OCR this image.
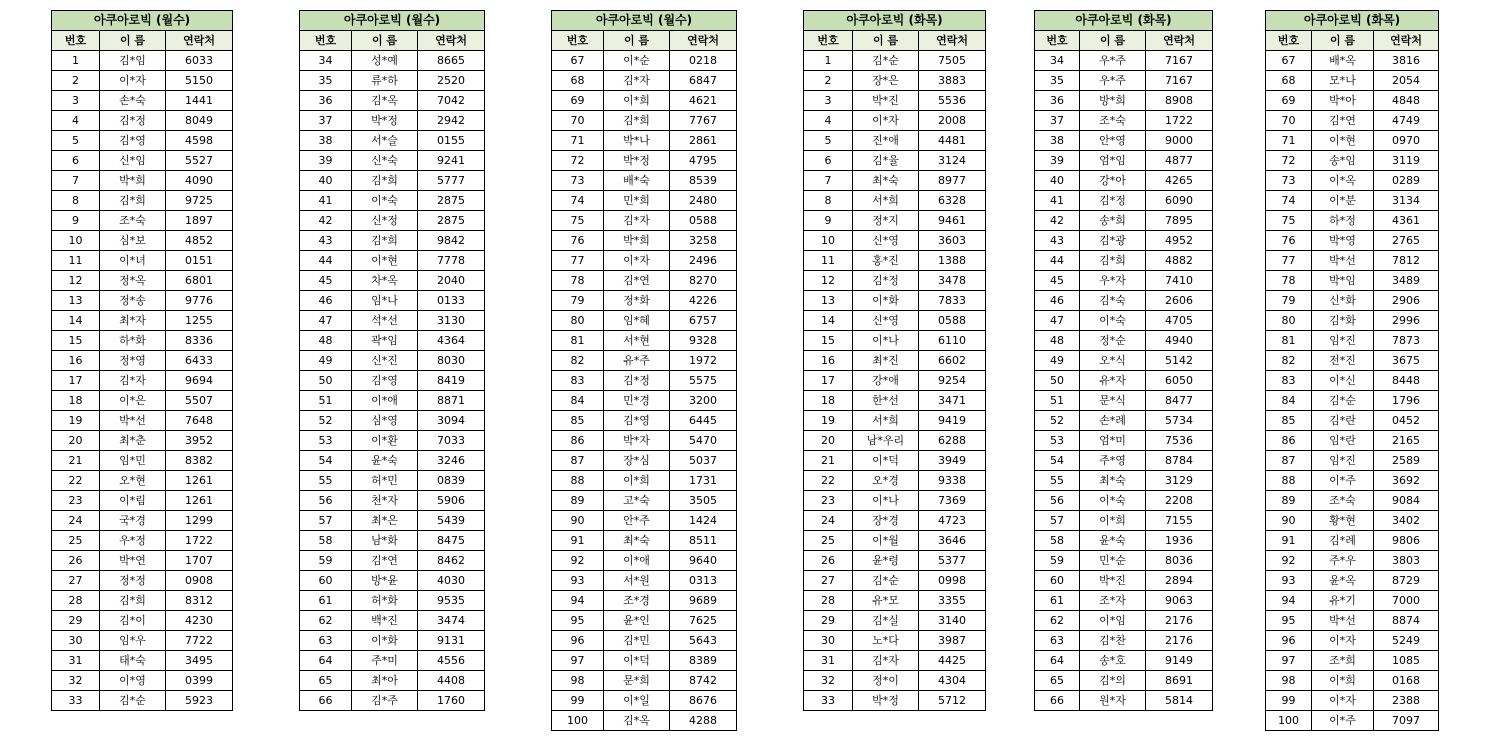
아쿠아로빅 (월수)		
번호	이 름	연락처
1	김*임	6033
2	이*자	5150
3	손*숙	1441
4	김*정	8049
5	김*영	4598
6	신*임	5527
7	박*희	4090
8	김*희	9725
9	조*숙	1897
10	심*보	4852
11	이*녀	0151
12	정*옥	6801
13	정*송	9776
14	최*자	1255
15	하*화	8336
16	정*영	6433
17	김*자	9694
18	이*은	5507
19	박*선	7648
20	최*춘	3952
21	임*민	8382
22	오*현	1261
23	이*림	1261
24	국*경	1299
25	우*정	1722
26	박*연	1707
27	정*정	0908
28	김*희	8312
29	김*이	4230
30	임*우	7722
31	태*숙	3495
32	이*영	0399
33	김*순	5923
아쿠아로빅 (월수)		
번호	이 름	연락처
34	성*예	8665
35	류*하	2520
36	김*옥	7042
37	박*정	2942
38	서*슬	0155
39	신*숙	9241
40	김*희	5777
41	이*숙	2875
42	신*정	2875
43	김*희	9842
44	이*현	7778
45	차*옥	2040
46	임*나	0133
47	석*선	3130
48	곽*임	4364
49	신*진	8030
50	김*영	8419
51	이*애	8871
52	심*영	3094
53	이*환	7033
54	윤*숙	3246
55	허*민	0839
56	천*자	5906
57	최*은	5439
58	남*화	8475
59	김*연	8462
60	방*윤	4030
61	허*화	9535
62	백*진	3474
63	이*화	9131
64	주*미	4556
65	최*아	4408
66	김*주	1760
아쿠아로빅 (월수)		
번호	이 름	연락처
67	이*순	0218
68	김*자	6847
69	이*희	4621
70	김*희	7767
71	박*나	2861
72	박*정	4795
73	배*숙	8539
74	민*희	2480
75	김*자	0588
76	박*희	3258
77	이*자	2496
78	김*연	8270
79	정*화	4226
80	임*혜	6757
81	서*현	9328
82	유*주	1972
83	김*정	5575
84	민*경	3200
85	김*영	6445
86	박*자	5470
87	장*심	5037
88	이*희	1731
89	고*숙	3505
90	안*주	1424
91	최*숙	8511
92	이*애	9640
93	서*원	0313
94	조*경	9689
95	윤*인	7625
96	김*민	5643
97	이*덕	8389
98	문*희	8742
99	이*일	8676
100	김*옥	4288
아쿠아로빅 (화목)		
번호	이 름	연락처
1	김*순	7505
2	장*은	3883
3	박*진	5536
4	이*자	2008
5	진*애	4481
6	김*율	3124
7	최*숙	8977
8	서*희	6328
9	정*지	9461
10	신*영	3603
11	홍*진	1388
12	김*정	3478
13	이*화	7833
14	신*영	0588
15	이*나	6110
16	최*진	6602
17	강*애	9254
18	한*선	3471
19	서*희	9419
20	남*우리	6288
21	이*덕	3949
22	오*경	9338
23	이*나	7369
24	장*경	4723
25	이*월	3646
26	윤*령	5377
27	김*순	0998
28	유*모	3355
29	김*실	3140
30	노*다	3987
31	김*자	4425
32	정*이	4304
33	박*정	5712
아쿠아로빅 (화목)		
번호	이 름	연락처
34	우*주	7167
35	우*주	7167
36	방*희	8908
37	조*숙	1722
38	안*영	9000
39	엄*임	4877
40	강*아	4265
41	김*정	6090
42	송*희	7895
43	김*광	4952
44	김*희	4882
45	우*자	7410
46	김*숙	2606
47	이*숙	4705
48	정*순	4940
49	오*식	5142
50	유*자	6050
51	문*식	8477
52	손*례	5734
53	엄*미	7536
54	주*영	8784
55	최*숙	3129
56	이*숙	2208
57	이*희	7155
58	윤*숙	1936
59	민*순	8036
60	박*진	2894
61	조*자	9063
62	이*임	2176
63	김*찬	2176
64	송*호	9149
65	김*의	8691
66	원*자	5814
아쿠아로빅 (화목)		
번호	이 름	연락처
67	배*옥	3816
68	모*나	2054
69	박*아	4848
70	김*연	4749
71	이*현	0970
72	송*임	3119
73	이*옥	0289
74	이*분	3134
75	하*정	4361
76	박*영	2765
77	박*선	7812
78	박*임	3489
79	신*화	2906
80	김*화	2996
81	임*진	7873
82	전*진	3675
83	이*신	8448
84	김*순	1796
85	김*란	0452
86	임*란	2165
87	임*진	2589
88	이*주	3692
89	조*숙	9084
90	황*현	3402
91	김*례	9806
92	주*우	3803
93	윤*옥	8729
94	유*기	7000
95	박*선	8874
96	이*자	5249
97	조*희	1085
98	이*희	0168
99	이*자	2388
100	이*주	7097
